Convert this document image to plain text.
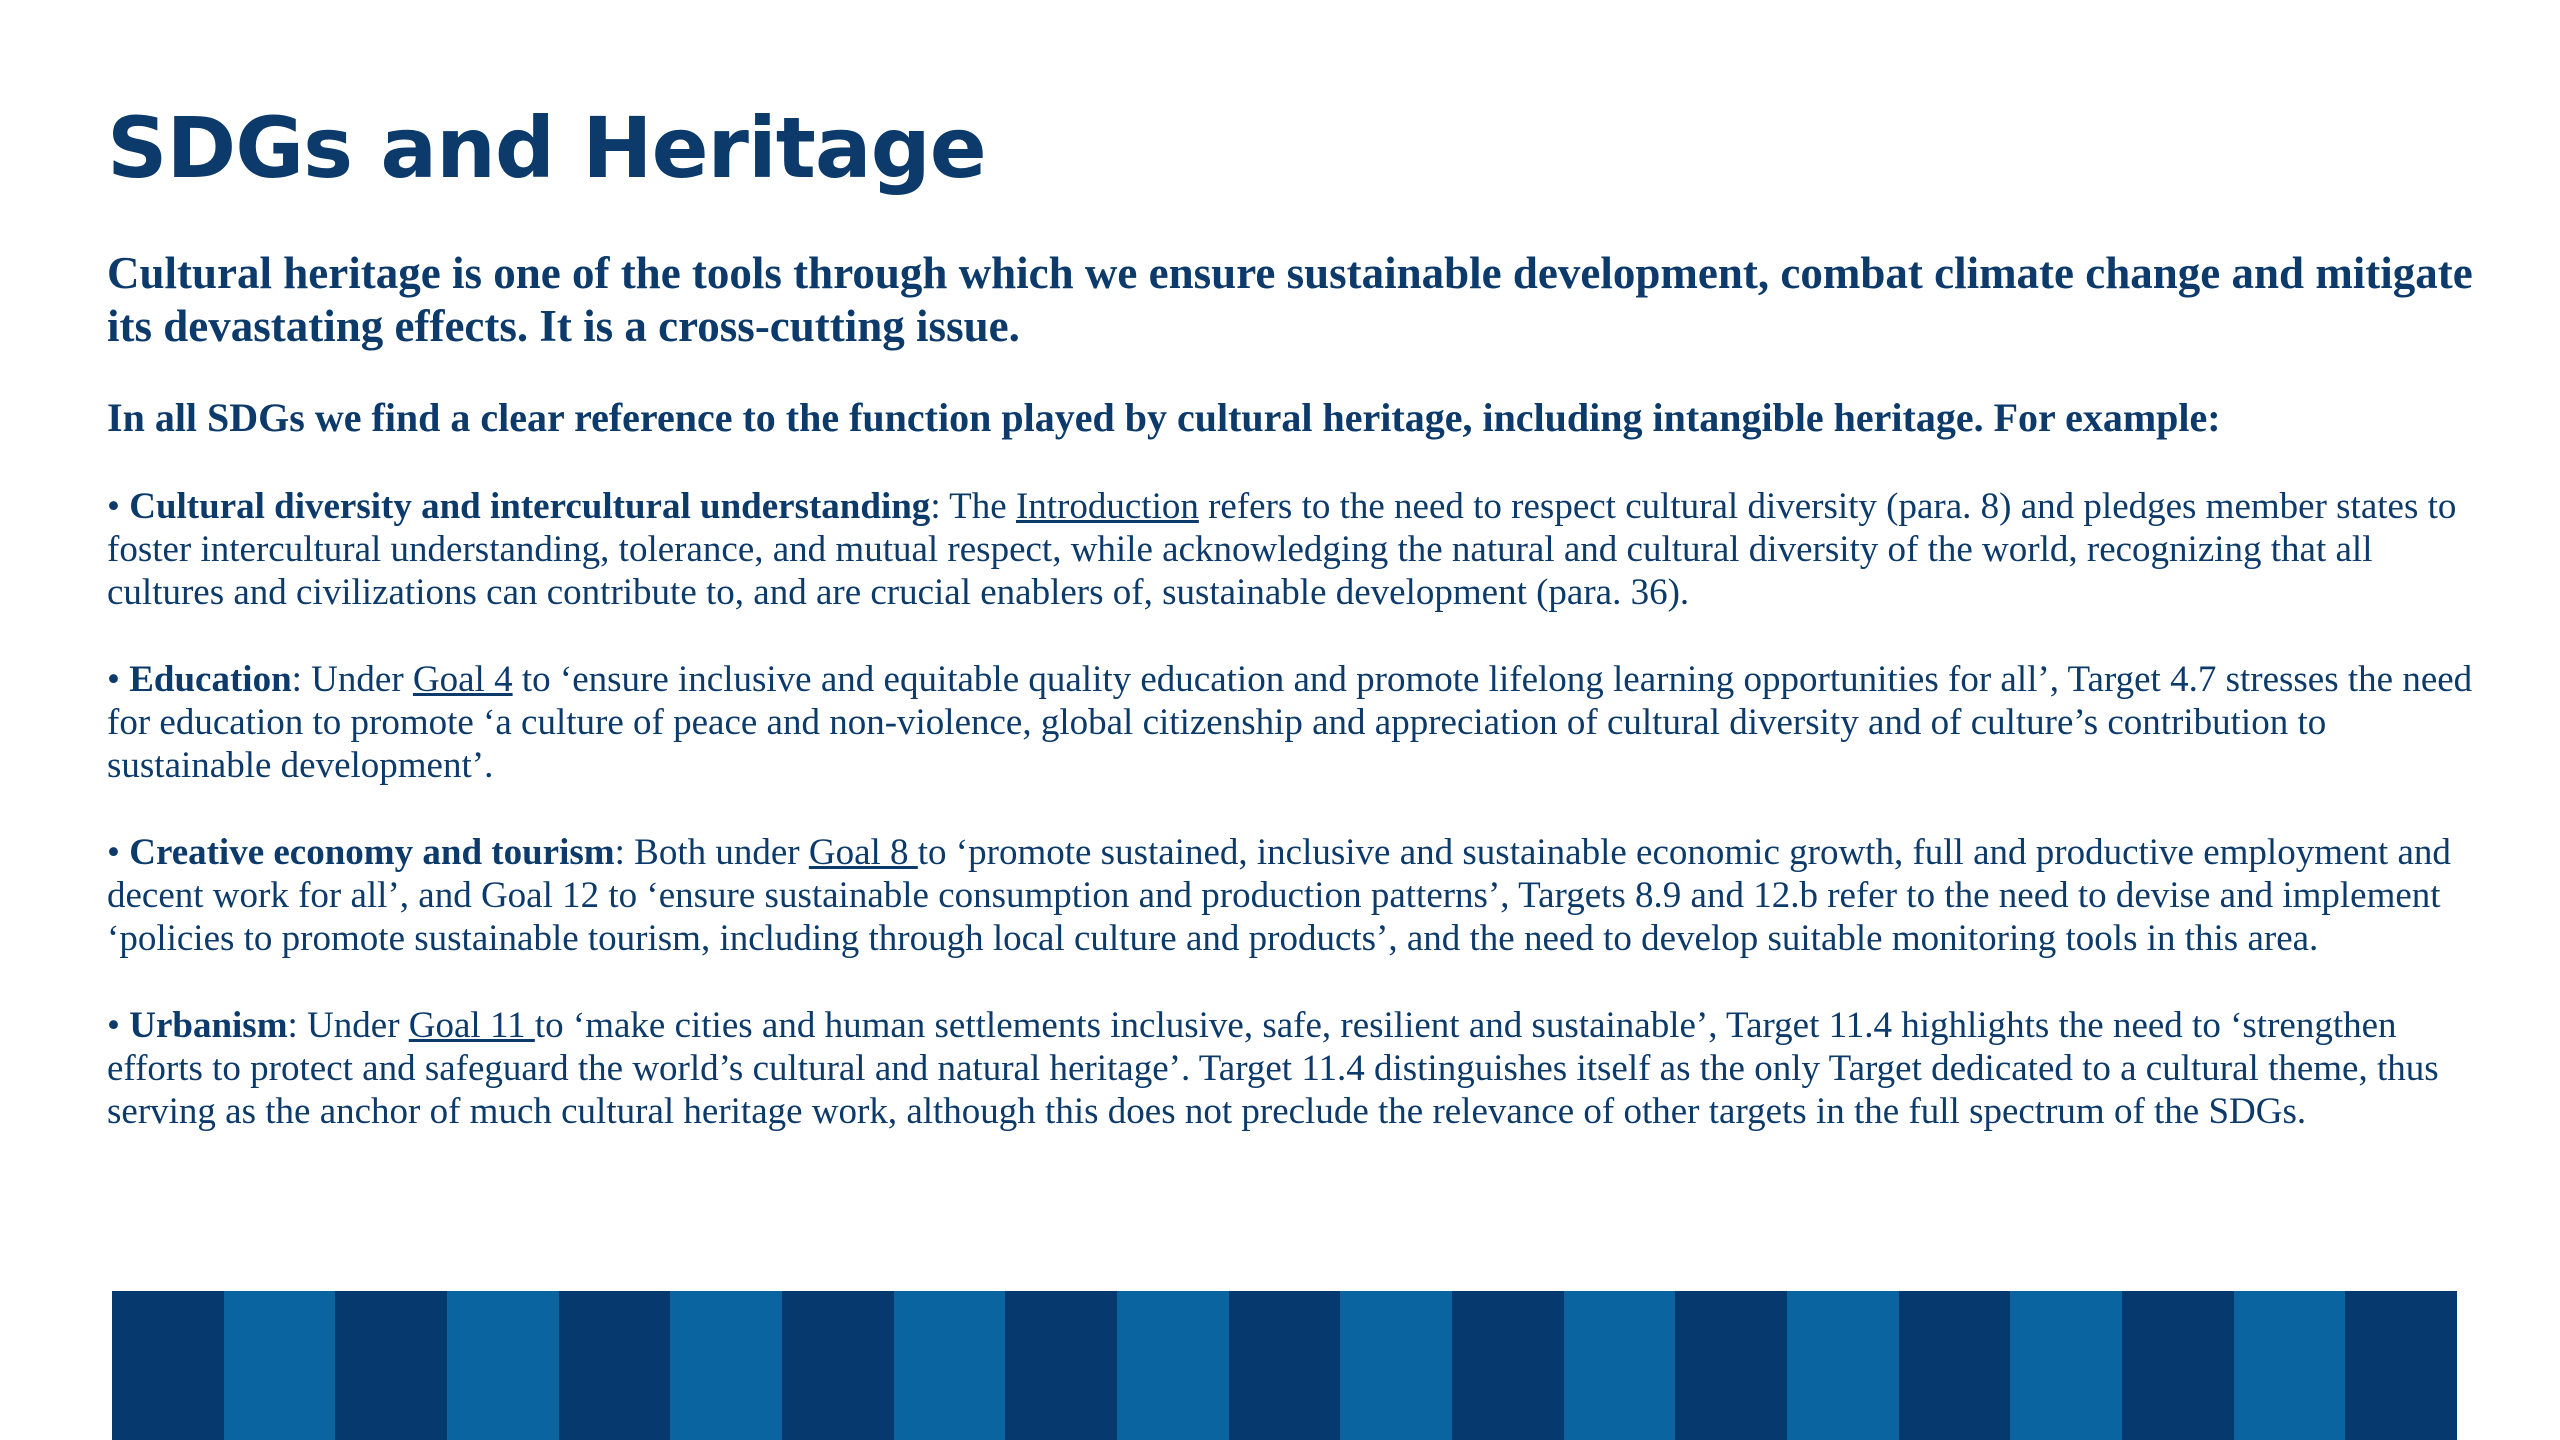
SDGs and Heritage

Cultural heritage is one of the tools through which we ensure sustainable development, combat climate change and mitigate its devastating effects. It is a cross-cutting issue.

In all SDGs we find a clear reference to the function played by cultural heritage, including intangible heritage. For example:

• Cultural diversity and intercultural understanding: The Introduction refers to the need to respect cultural diversity (para. 8) and pledges member states to foster intercultural understanding, tolerance, and mutual respect, while acknowledging the natural and cultural diversity of the world, recognizing that all cultures and civilizations can contribute to, and are crucial enablers of, sustainable development (para. 36).

• Education: Under Goal 4 to ‘ensure inclusive and equitable quality education and promote lifelong learning opportunities for all’, Target 4.7 stresses the need for education to promote ‘a culture of peace and non-violence, global citizenship and appreciation of cultural diversity and of culture’s contribution to sustainable development’.

• Creative economy and tourism: Both under Goal 8 to ‘promote sustained, inclusive and sustainable economic growth, full and productive employment and decent work for all’, and Goal 12 to ‘ensure sustainable consumption and production patterns’, Targets 8.9 and 12.b refer to the need to devise and implement ‘policies to promote sustainable tourism, including through local culture and products’, and the need to develop suitable monitoring tools in this area.

• Urbanism: Under Goal 11 to ‘make cities and human settlements inclusive, safe, resilient and sustainable’, Target 11.4 highlights the need to ‘strengthen efforts to protect and safeguard the world’s cultural and natural heritage’. Target 11.4 distinguishes itself as the only Target dedicated to a cultural theme, thus serving as the anchor of much cultural heritage work, although this does not preclude the relevance of other targets in the full spectrum of the SDGs.
